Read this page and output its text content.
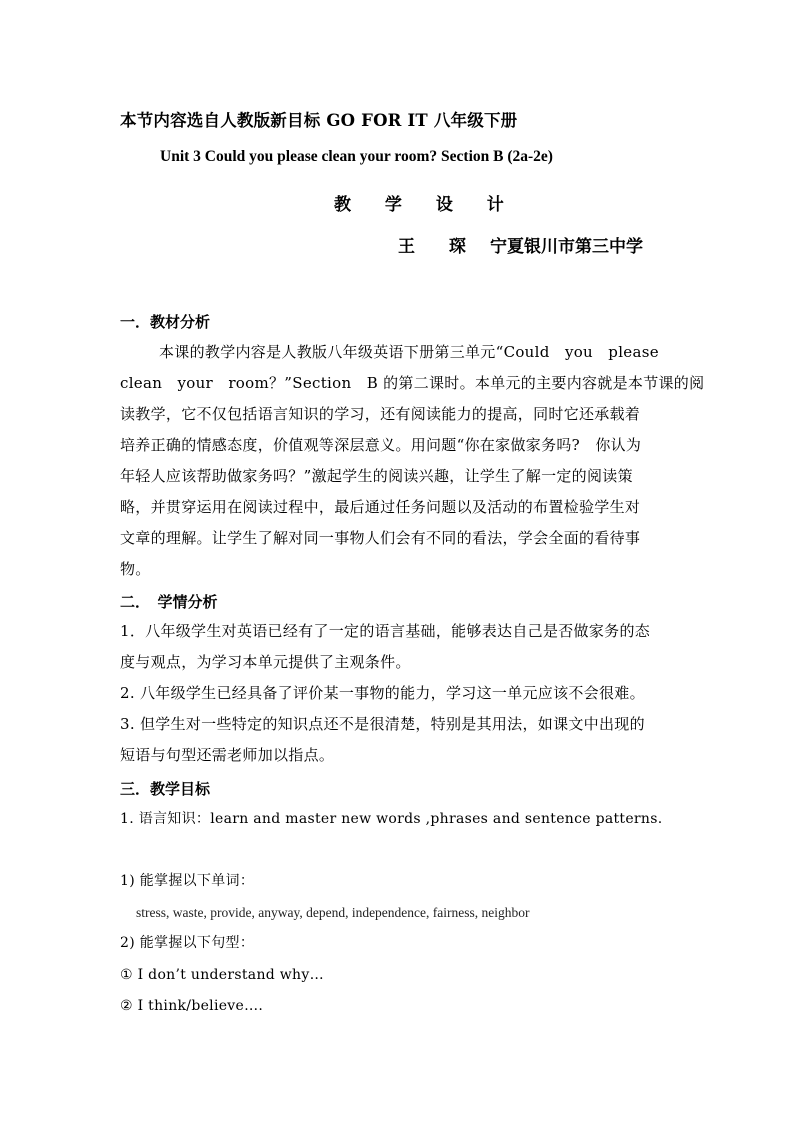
本节内容选自人教版新目标 GO FOR IT 八年级下册
Unit 3 Could you please clean your room? Section B (2a-2e)
教 学 设 计
王　　琛 宁夏银川市第三中学
一．教材分析
本课的教学内容是人教版八年级英语下册第三单元“Could　you　please
clean　your　room？”Section　B 的第二课时。本单元的主要内容就是本节课的阅
读教学，它不仅包括语言知识的学习，还有阅读能力的提高，同时它还承载着
培养正确的情感态度，价值观等深层意义。用问题“你在家做家务吗?　你认为
年轻人应该帮助做家务吗？”激起学生的阅读兴趣，让学生了解一定的阅读策
略，并贯穿运用在阅读过程中，最后通过任务问题以及活动的布置检验学生对
文章的理解。让学生了解对同一事物人们会有不同的看法，学会全面的看待事
物。
二．　学情分析
1．八年级学生对英语已经有了一定的语言基础，能够表达自己是否做家务的态
度与观点，为学习本单元提供了主观条件。
2. 八年级学生已经具备了评价某一事物的能力，学习这一单元应该不会很难。
3. 但学生对一些特定的知识点还不是很清楚，特别是其用法，如课文中出现的
短语与句型还需老师加以指点。
三．教学目标
1. 语言知识：learn and master new words ,phrases and sentence patterns.
1) 能掌握以下单词：
stress, waste, provide, anyway, depend, independence, fairness, neighbor
2) 能掌握以下句型：
① I don’t understand why…
② I think/believe….
